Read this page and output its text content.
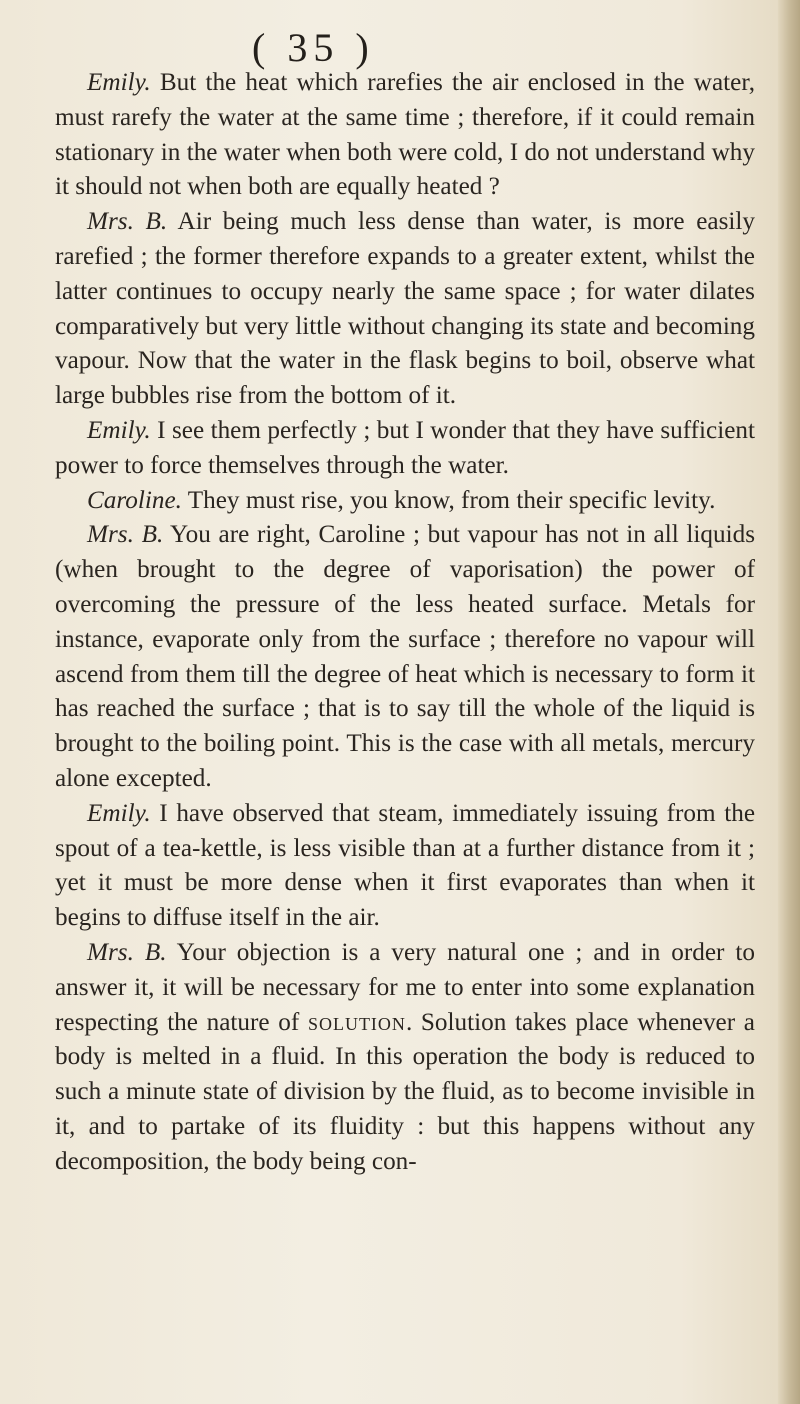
( 35 )

Emily. But the heat which rarefies the air enclosed in the water, must rarefy the water at the same time ; therefore, if it could remain stationary in the water when both were cold, I do not understand why it should not when both are equally heated ?

Mrs. B. Air being much less dense than water, is more easily rarefied ; the former therefore expands to a greater extent, whilst the latter continues to occupy nearly the same space ; for water dilates comparatively but very little without changing its state and becoming vapour. Now that the water in the flask begins to boil, observe what large bubbles rise from the bottom of it.

Emily. I see them perfectly ; but I wonder that they have sufficient power to force themselves through the water.

Caroline. They must rise, you know, from their specific levity.

Mrs. B. You are right, Caroline ; but vapour has not in all liquids (when brought to the degree of vaporisation) the power of overcoming the pressure of the less heated surface. Metals for instance, evaporate only from the surface ; therefore no vapour will ascend from them till the degree of heat which is necessary to form it has reached the surface ; that is to say till the whole of the liquid is brought to the boiling point. This is the case with all metals, mercury alone excepted.

Emily. I have observed that steam, immediately issuing from the spout of a tea-kettle, is less visible than at a further distance from it ; yet it must be more dense when it first evaporates than when it begins to diffuse itself in the air.

Mrs. B. Your objection is a very natural one ; and in order to answer it, it will be necessary for me to enter into some explanation respecting the nature of solution. Solution takes place whenever a body is melted in a fluid. In this operation the body is reduced to such a minute state of division by the fluid, as to become invisible in it, and to partake of its fluidity : but this happens without any decomposition, the body being con-
